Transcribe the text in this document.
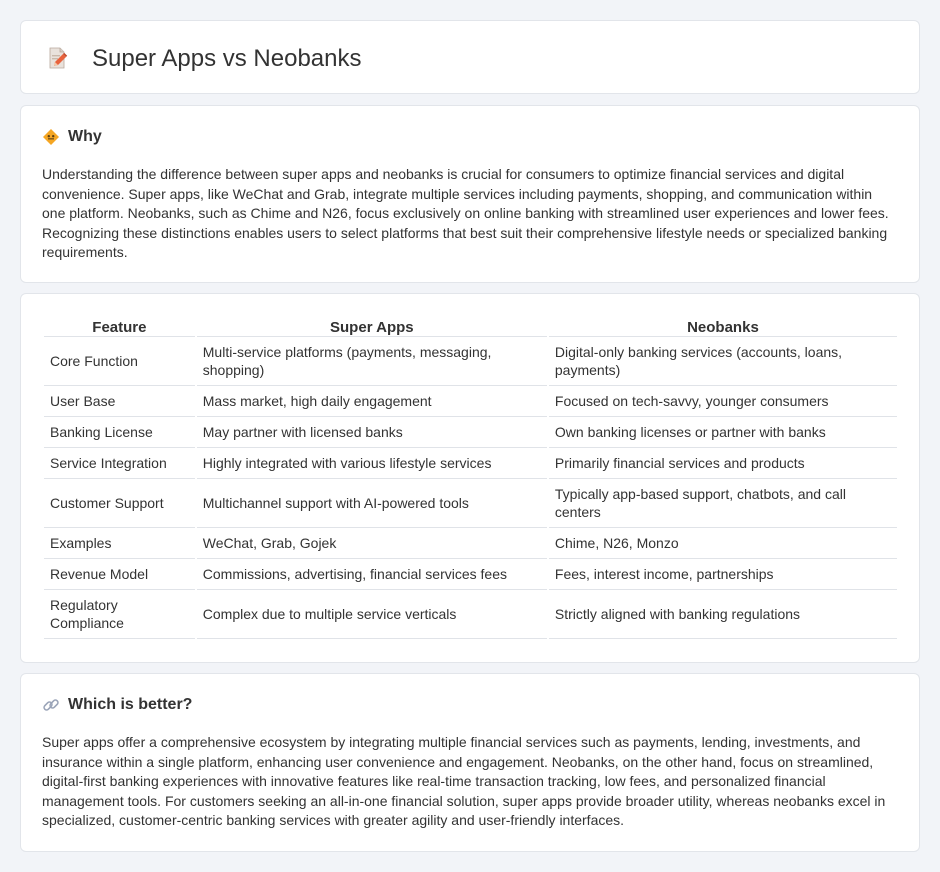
Super Apps vs Neobanks
Why

Understanding the difference between super apps and neobanks is crucial for consumers to optimize financial services and digital convenience. Super apps, like WeChat and Grab, integrate multiple services including payments, shopping, and communication within one platform. Neobanks, such as Chime and N26, focus exclusively on online banking with streamlined user experiences and lower fees. Recognizing these distinctions enables users to select platforms that best suit their comprehensive lifestyle needs or specialized banking requirements.

Feature	Super Apps	Neobanks
Core Function	Multi-service platforms (payments, messaging, shopping)	Digital-only banking services (accounts, loans, payments)
User Base	Mass market, high daily engagement	Focused on tech-savvy, younger consumers
Banking License	May partner with licensed banks	Own banking licenses or partner with banks
Service Integration	Highly integrated with various lifestyle services	Primarily financial services and products
Customer Support	Multichannel support with AI-powered tools	Typically app-based support, chatbots, and call centers
Examples	WeChat, Grab, Gojek	Chime, N26, Monzo
Revenue Model	Commissions, advertising, financial services fees	Fees, interest income, partnerships
Regulatory Compliance	Complex due to multiple service verticals	Strictly aligned with banking regulations
Which is better?

Super apps offer a comprehensive ecosystem by integrating multiple financial services such as payments, lending, investments, and insurance within a single platform, enhancing user convenience and engagement. Neobanks, on the other hand, focus on streamlined, digital-first banking experiences with innovative features like real-time transaction tracking, low fees, and personalized financial management tools. For customers seeking an all-in-one financial solution, super apps provide broader utility, whereas neobanks excel in specialized, customer-centric banking services with greater agility and user-friendly interfaces.
